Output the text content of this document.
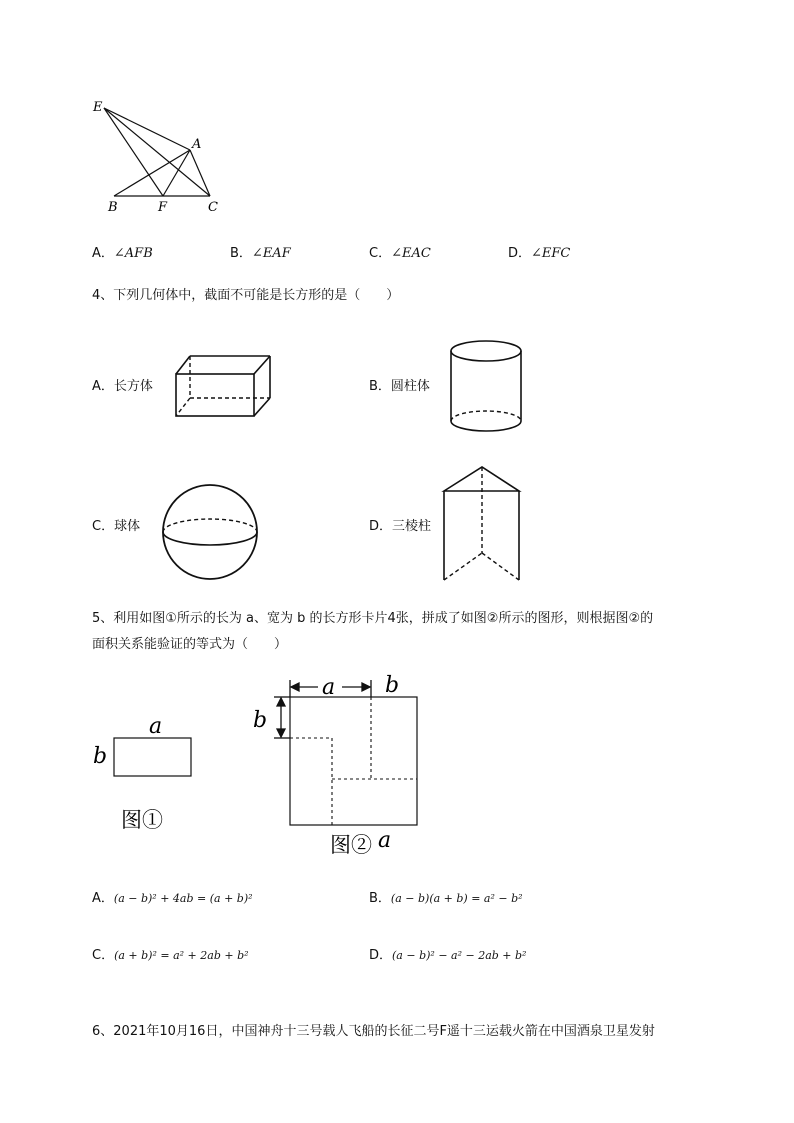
E
A
B	F	C
A．∠AFB	B．∠EAF	C．∠EAC	D．∠EFC
4、下列几何体中，截面不可能是长方形的是（　　）
A．长方体	B．圆柱体
C．球体	D．三棱柱
5、利用如图①所示的长为 a、宽为 b 的长方形卡片4张，拼成了如图②所示的图形，则根据图②的
面积关系能验证的等式为（　　）
a
b
图①
a b
b
图② a
A．(a − b)² + 4ab = (a + b)²	B．(a − b)(a + b) = a² − b²
C．(a + b)² = a² + 2ab + b²	D．(a − b)² − a² − 2ab + b²
6、2021年10月16日，中国神舟十三号载人飞船的长征二号F遥十三运载火箭在中国酒泉卫星发射
